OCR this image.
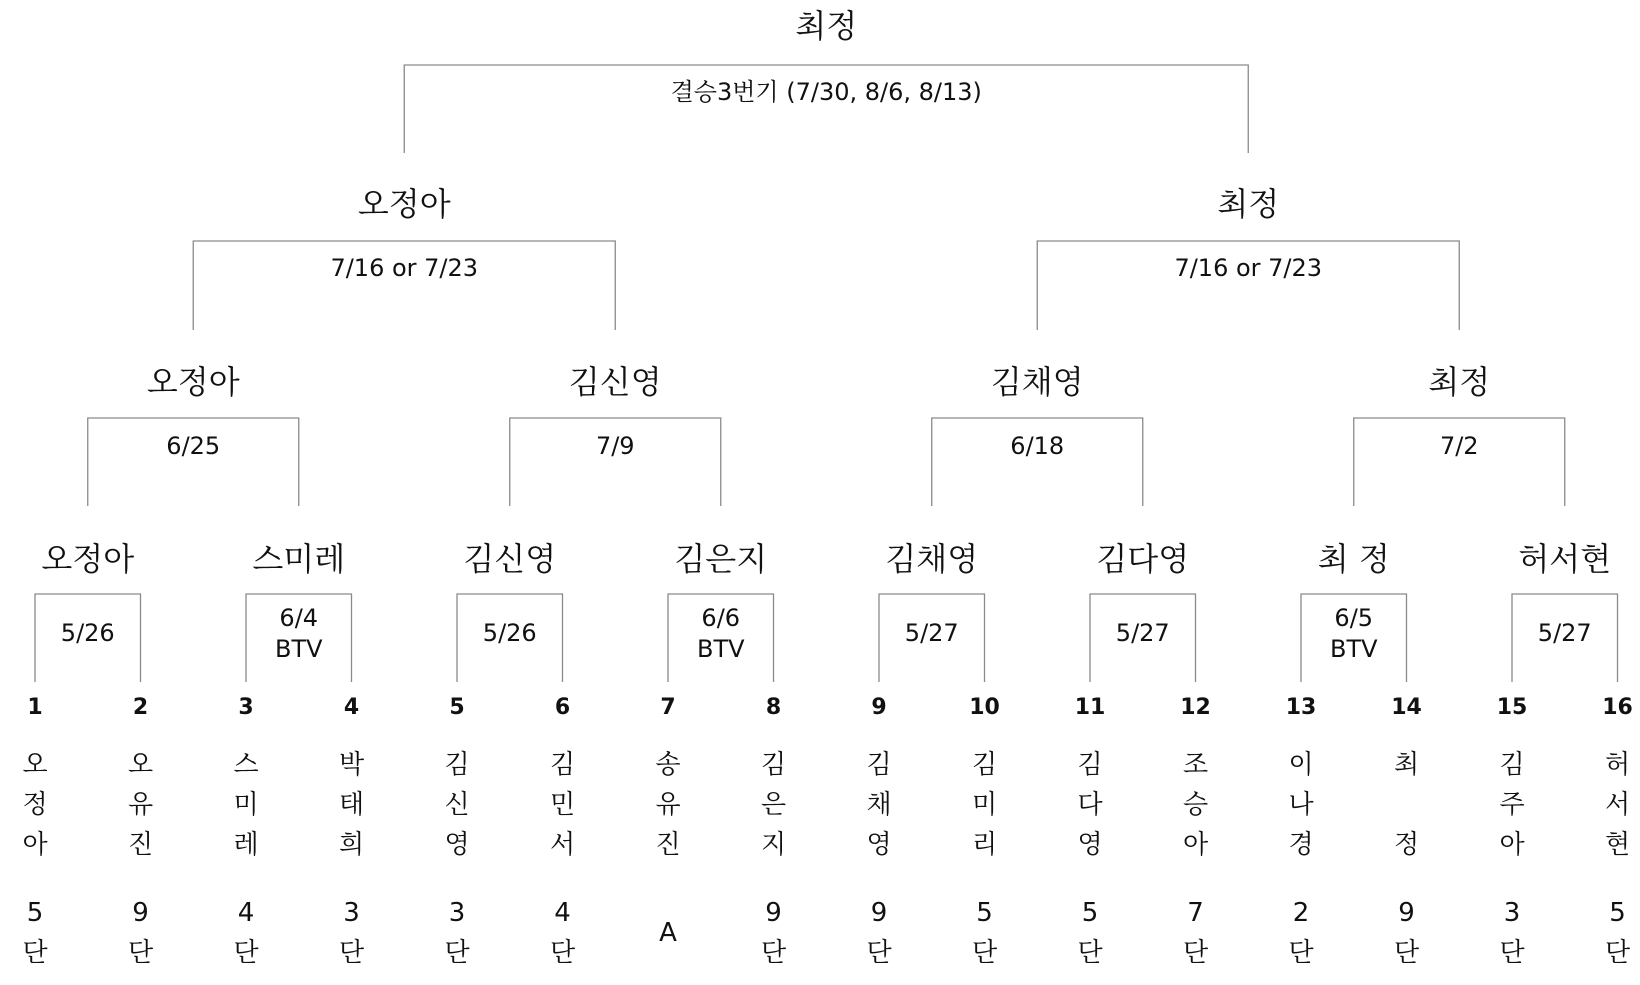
오정아
5/26
스미레
6/4
BTV
김신영
5/26
김은지
6/6
BTV
김채영
5/27
김다영
5/27
최 정
6/5
BTV
허서현
5/27
오정아
6/25
김신영
7/9
김채영
6/18
최정
7/2
오정아
7/16 or 7/23
최정
7/16 or 7/23
최정
결승3번기 (7/30, 8/6, 8/13)
1
오
정
아
5
단
2
오
유
진
9
단
3
스
미
레
4
단
4
박
태
희
3
단
5
김
신
영
3
단
6
김
민
서
4
단
7
송
유
진
A
8
김
은
지
9
단
9
김
채
영
9
단
10
김
미
리
5
단
11
김
다
영
5
단
12
조
승
아
7
단
13
이
나
경
2
단
14
최
정
9
단
15
김
주
아
3
단
16
허
서
현
5
단
